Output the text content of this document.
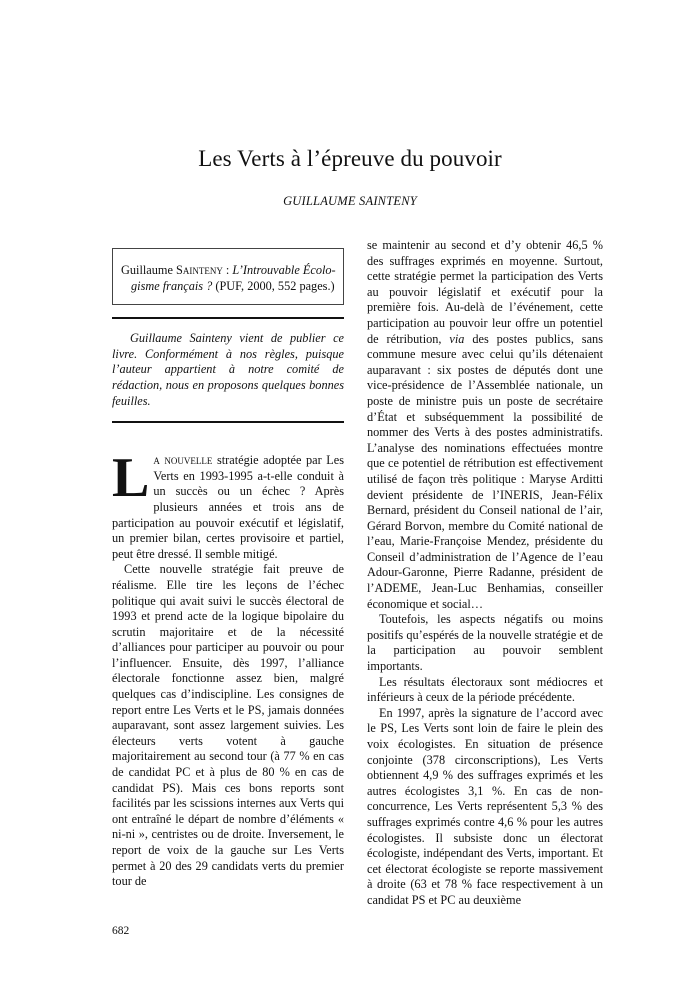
Les Verts à l’épreuve du pouvoir
GUILLAUME SAINTENY
Guillaume Sainteny : L’Introuvable Écolo-
gisme français ? (PUF, 2000, 552 pages.)

Guillaume Sainteny vient de publier ce livre. Conformément à nos règles, puisque l’auteur appartient à notre comité de rédaction, nous en proposons quelques bonnes feuilles.

La nouvelle stratégie adoptée par Les Verts en 1993-1995 a-t-elle conduit à un succès ou un échec ? Après plusieurs années et trois ans de participation au pouvoir exécutif et législatif, un premier bilan, certes provisoire et partiel, peut être dressé. Il semble mitigé.

Cette nouvelle stratégie fait preuve de réalisme. Elle tire les leçons de l’échec politique qui avait suivi le succès électoral de 1993 et prend acte de la logique bipolaire du scrutin majoritaire et de la nécessité d’alliances pour participer au pouvoir ou pour l’influencer. Ensuite, dès 1997, l’alliance électorale fonctionne assez bien, malgré quelques cas d’indiscipline. Les consignes de report entre Les Verts et le PS, jamais données auparavant, sont assez largement suivies. Les électeurs verts votent à gauche majoritairement au second tour (à 77 % en cas de candidat PC et à plus de 80 % en cas de candidat PS). Mais ces bons reports sont facilités par les scissions internes aux Verts qui ont entraîné le départ de nombre d’éléments « ni-ni », centristes ou de droite. Inversement, le report de voix de la gauche sur Les Verts permet à 20 des 29 candidats verts du premier tour de

se maintenir au second et d’y obtenir 46,5 % des suffrages exprimés en moyenne. Surtout, cette stratégie permet la participation des Verts au pouvoir législatif et exécutif pour la première fois. Au-delà de l’événement, cette participation au pouvoir leur offre un potentiel de rétribution, via des postes publics, sans commune mesure avec celui qu’ils détenaient auparavant : six postes de députés dont une vice-présidence de l’Assemblée nationale, un poste de ministre puis un poste de secrétaire d’État et subséquemment la possibilité de nommer des Verts à des postes administratifs. L’analyse des nominations effectuées montre que ce potentiel de rétribution est effectivement utilisé de façon très politique : Maryse Arditti devient présidente de l’INERIS, Jean-Félix Bernard, président du Conseil national de l’air, Gérard Borvon, membre du Comité national de l’eau, Marie-Françoise Mendez, présidente du Conseil d’administration de l’Agence de l’eau Adour-Garonne, Pierre Radanne, président de l’ADEME, Jean-Luc Benhamias, conseiller économique et social…

Toutefois, les aspects négatifs ou moins positifs qu’espérés de la nouvelle stratégie et de la participation au pouvoir semblent importants.

Les résultats électoraux sont médiocres et inférieurs à ceux de la période précédente.

En 1997, après la signature de l’accord avec le PS, Les Verts sont loin de faire le plein des voix écologistes. En situation de présence conjointe (378 circonscriptions), Les Verts obtiennent 4,9 % des suffrages exprimés et les autres écologistes 3,1 %. En cas de non-concurrence, Les Verts représentent 5,3 % des suffrages exprimés contre 4,6 % pour les autres écologistes. Il subsiste donc un électorat écologiste, indépendant des Verts, important. Et cet électorat écologiste se reporte massivement à droite (63 et 78 % face respectivement à un candidat PS et PC au deuxième

682
